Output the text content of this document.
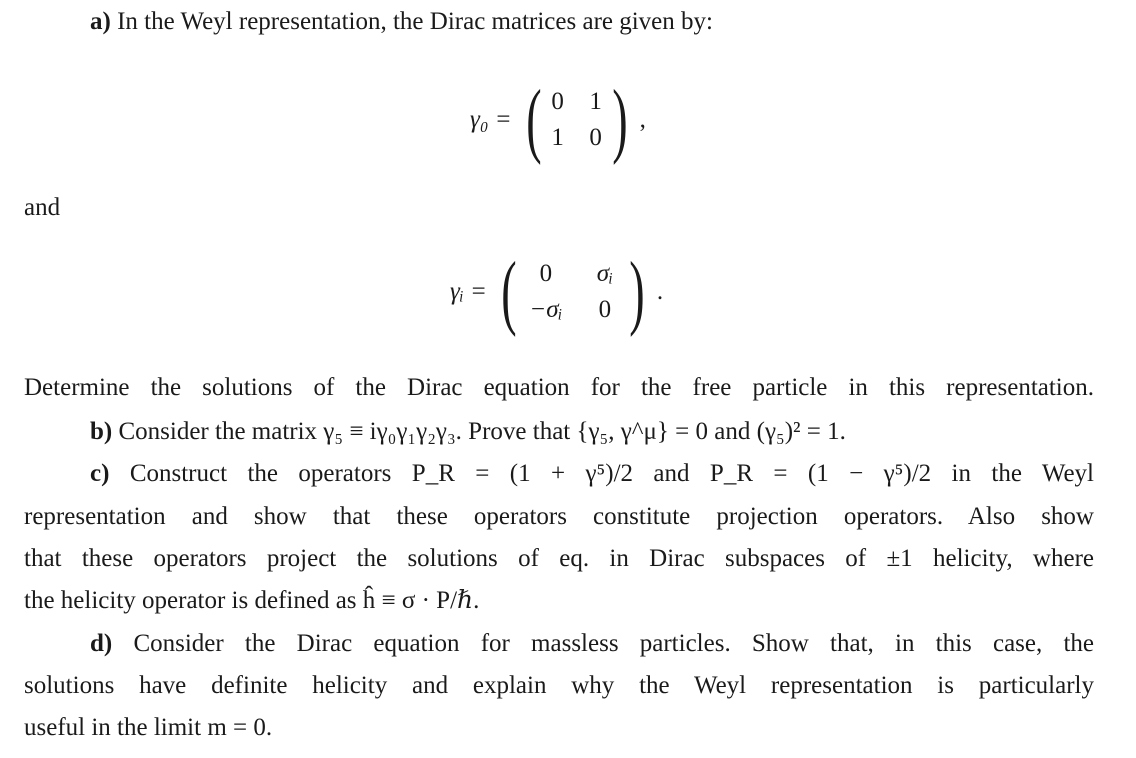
a) In the Weyl representation, the Dirac matrices are given by:
γ₀ = ( 0 1
1 0 ) ,
and
γᵢ = ( 0	σᵢ
−σᵢ	0 ) .
Determine the solutions of the Dirac equation for the free particle in this representation.
b) Consider the matrix γ₅ ≡ iγ₀γ₁γ₂γ₃. Prove that {γ₅, γ^μ} = 0 and (γ₅)² = 1.
c) Construct the operators P_R = (1 + γ⁵)/2 and P_R = (1 − γ⁵)/2 in the Weyl
representation and show that these operators constitute projection operators. Also show
that these operators project the solutions of eq. in Dirac subspaces of ±1 helicity, where
the helicity operator is defined as ĥ ≡ σ · P/ℏ.
d) Consider the Dirac equation for massless particles. Show that, in this case, the
solutions have definite helicity and explain why the Weyl representation is particularly
useful in the limit m = 0.
